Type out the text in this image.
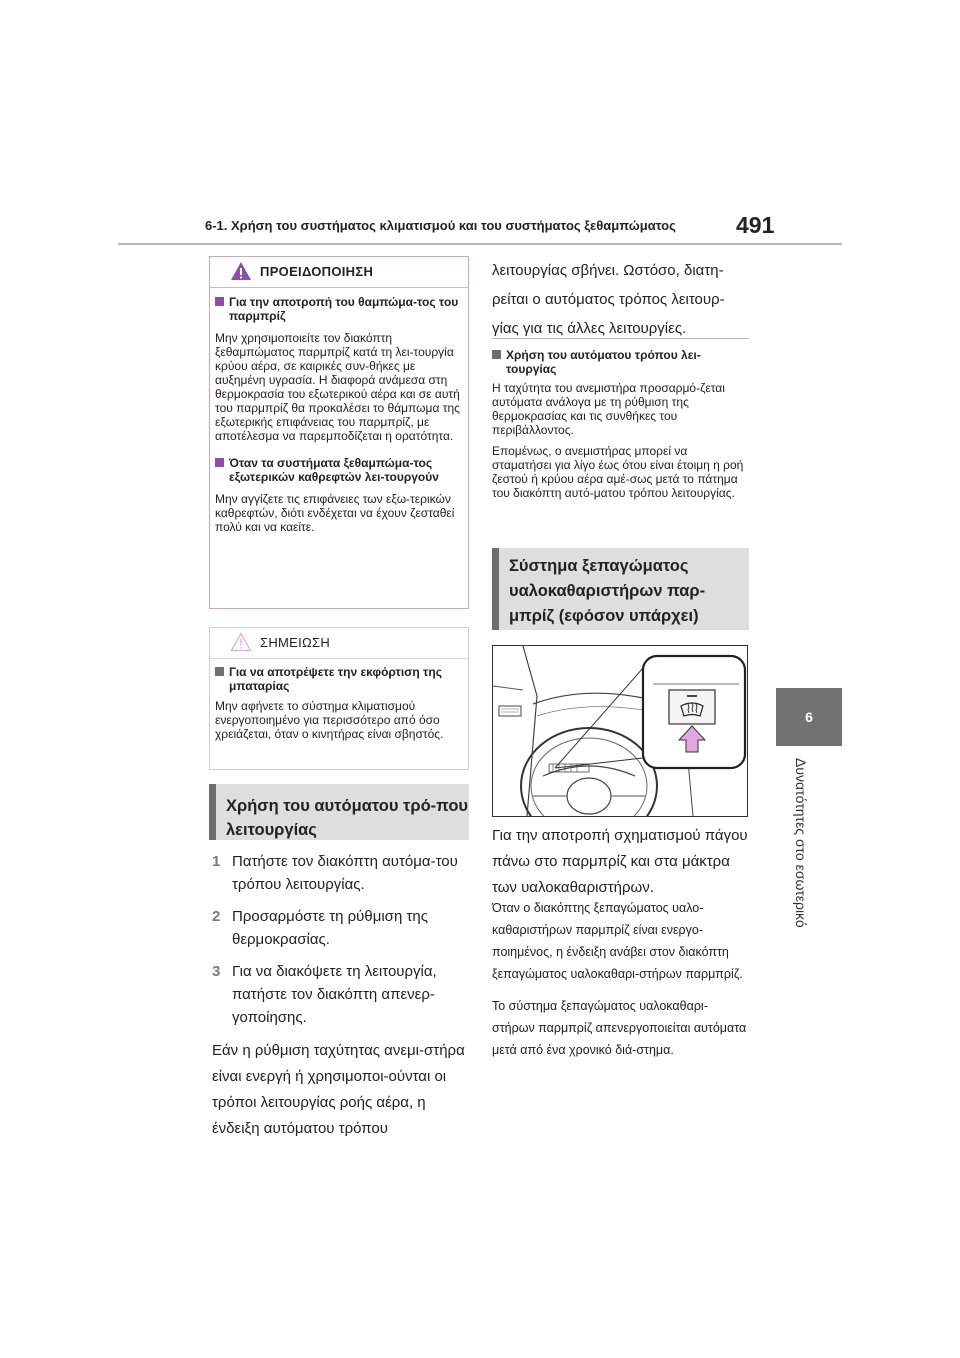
6-1. Χρήση του συστήματος κλιματισμού και του συστήματος ξεθαμπώματος	491
6
Δυνατότητες στο εσωτερικό
ΠΡΟΕΙΔΟΠΟΙΗΣΗ
Για την αποτροπή του θαμπώμα-τος του παρμπρίζ
Μην χρησιμοποιείτε τον διακόπτη ξεθαμπώματος παρμπρίζ κατά τη λει-τουργία κρύου αέρα, σε καιρικές συν-θήκες με αυξημένη υγρασία. Η διαφορά ανάμεσα στη θερμοκρασία του εξωτερικού αέρα και σε αυτή του παρμπρίζ θα προκαλέσει το θάμπωμα της εξωτερικής επιφάνειας του παρμπρίζ, με αποτέλεσμα να παρεμποδίζεται η ορατότητα.
Όταν τα συστήματα ξεθαμπώμα-τος εξωτερικών καθρεφτών λει-τουργούν
Μην αγγίζετε τις επιφάνειες των εξω-τερικών καθρεφτών, διότι ενδέχεται να έχουν ζεσταθεί πολύ και να καείτε.
ΣΗΜΕΙΩΣΗ
Για να αποτρέψετε την εκφόρτιση της μπαταρίας
Μην αφήνετε το σύστημα κλιματισμού ενεργοποιημένο για περισσότερο από όσο χρειάζεται, όταν ο κινητήρας είναι σβηστός.
Χρήση του αυτόματου τρό-που λειτουργίας
1 Πατήστε τον διακόπτη αυτόμα-του τρόπου λειτουργίας.
2 Προσαρμόστε τη ρύθμιση της θερμοκρασίας.
3 Για να διακόψετε τη λειτουργία, πατήστε τον διακόπτη απενερ-γοποίησης.
Εάν η ρύθμιση ταχύτητας ανεμι-στήρα είναι ενεργή ή χρησιμοποι-ούνται οι τρόποι λειτουργίας ροής αέρα, η ένδειξη αυτόματου τρόπου
λειτουργίας σβήνει. Ωστόσο, διατη-ρείται ο αυτόματος τρόπος λειτουρ-γίας για τις άλλες λειτουργίες.
Χρήση του αυτόματου τρόπου λει-τουργίας
Η ταχύτητα του ανεμιστήρα προσαρμό-ζεται αυτόματα ανάλογα με τη ρύθμιση της θερμοκρασίας και τις συνθήκες του περιβάλλοντος.
Επομένως, ο ανεμιστήρας μπορεί να σταματήσει για λίγο έως ότου είναι έτοιμη η ροή ζεστού ή κρύου αέρα αμέ-σως μετά το πάτημα του διακόπτη αυτό-ματου τρόπου λειτουργίας.
Σύστημα ξεπαγώματος υαλοκαθαριστήρων παρ-μπρίζ (εφόσον υπάρχει)
Για την αποτροπή σχηματισμού πάγου πάνω στο παρμπρίζ και στα μάκτρα των υαλοκαθαριστήρων.
Όταν ο διακόπτης ξεπαγώματος υαλο-καθαριστήρων παρμπρίζ είναι ενεργο-ποιημένος, η ένδειξη ανάβει στον διακόπτη ξεπαγώματος υαλοκαθαρι-στήρων παρμπρίζ.
Το σύστημα ξεπαγώματος υαλοκαθαρι-στήρων παρμπρίζ απενεργοποιείται αυτόματα μετά από ένα χρονικό διά-στημα.
